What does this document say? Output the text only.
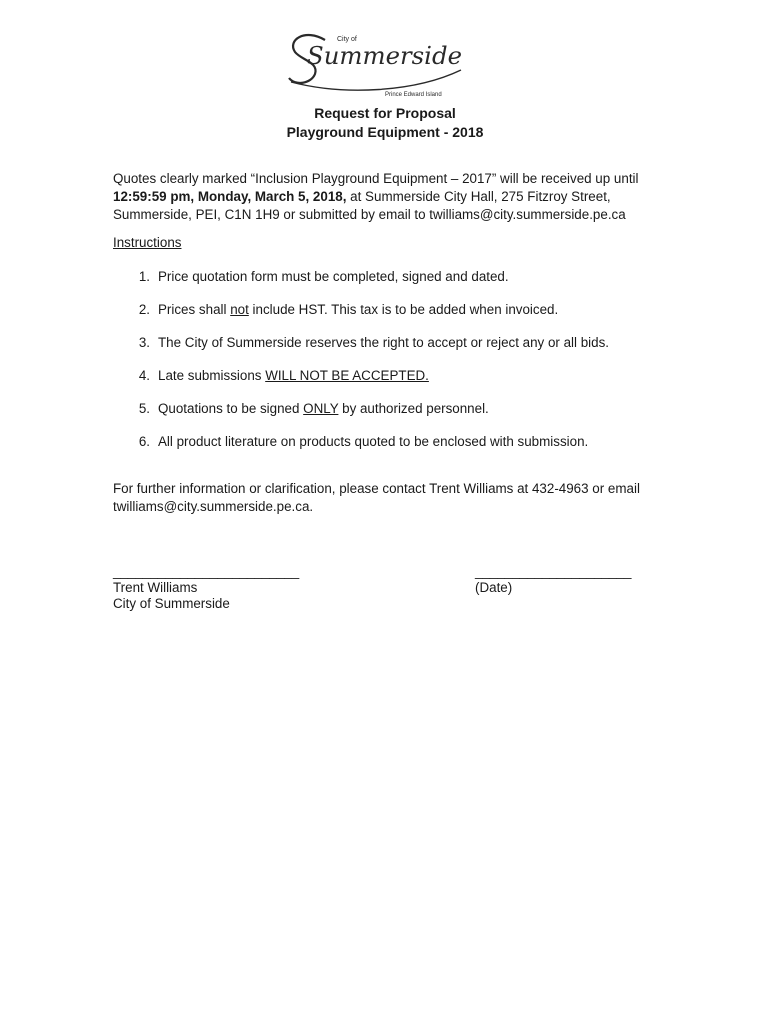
City of
Summerside
Prince Edward Island
Request for Proposal
Playground Equipment - 2018
Quotes clearly marked “Inclusion Playground Equipment – 2017” will be received up until 12:59:59 pm, Monday, March 5, 2018, at Summerside City Hall, 275 Fitzroy Street, Summerside, PEI, C1N 1H9 or submitted by email to twilliams@city.summerside.pe.ca
Instructions
1. Price quotation form must be completed, signed and dated.
2. Prices shall not include HST. This tax is to be added when invoiced.
3. The City of Summerside reserves the right to accept or reject any or all bids.
4. Late submissions WILL NOT BE ACCEPTED.
5. Quotations to be signed ONLY by authorized personnel.
6. All product literature on products quoted to be enclosed with submission.
For further information or clarification, please contact Trent Williams at 432-4963 or email twilliams@city.summerside.pe.ca.
_________________________
Trent Williams
City of Summerside
_____________________
(Date)
